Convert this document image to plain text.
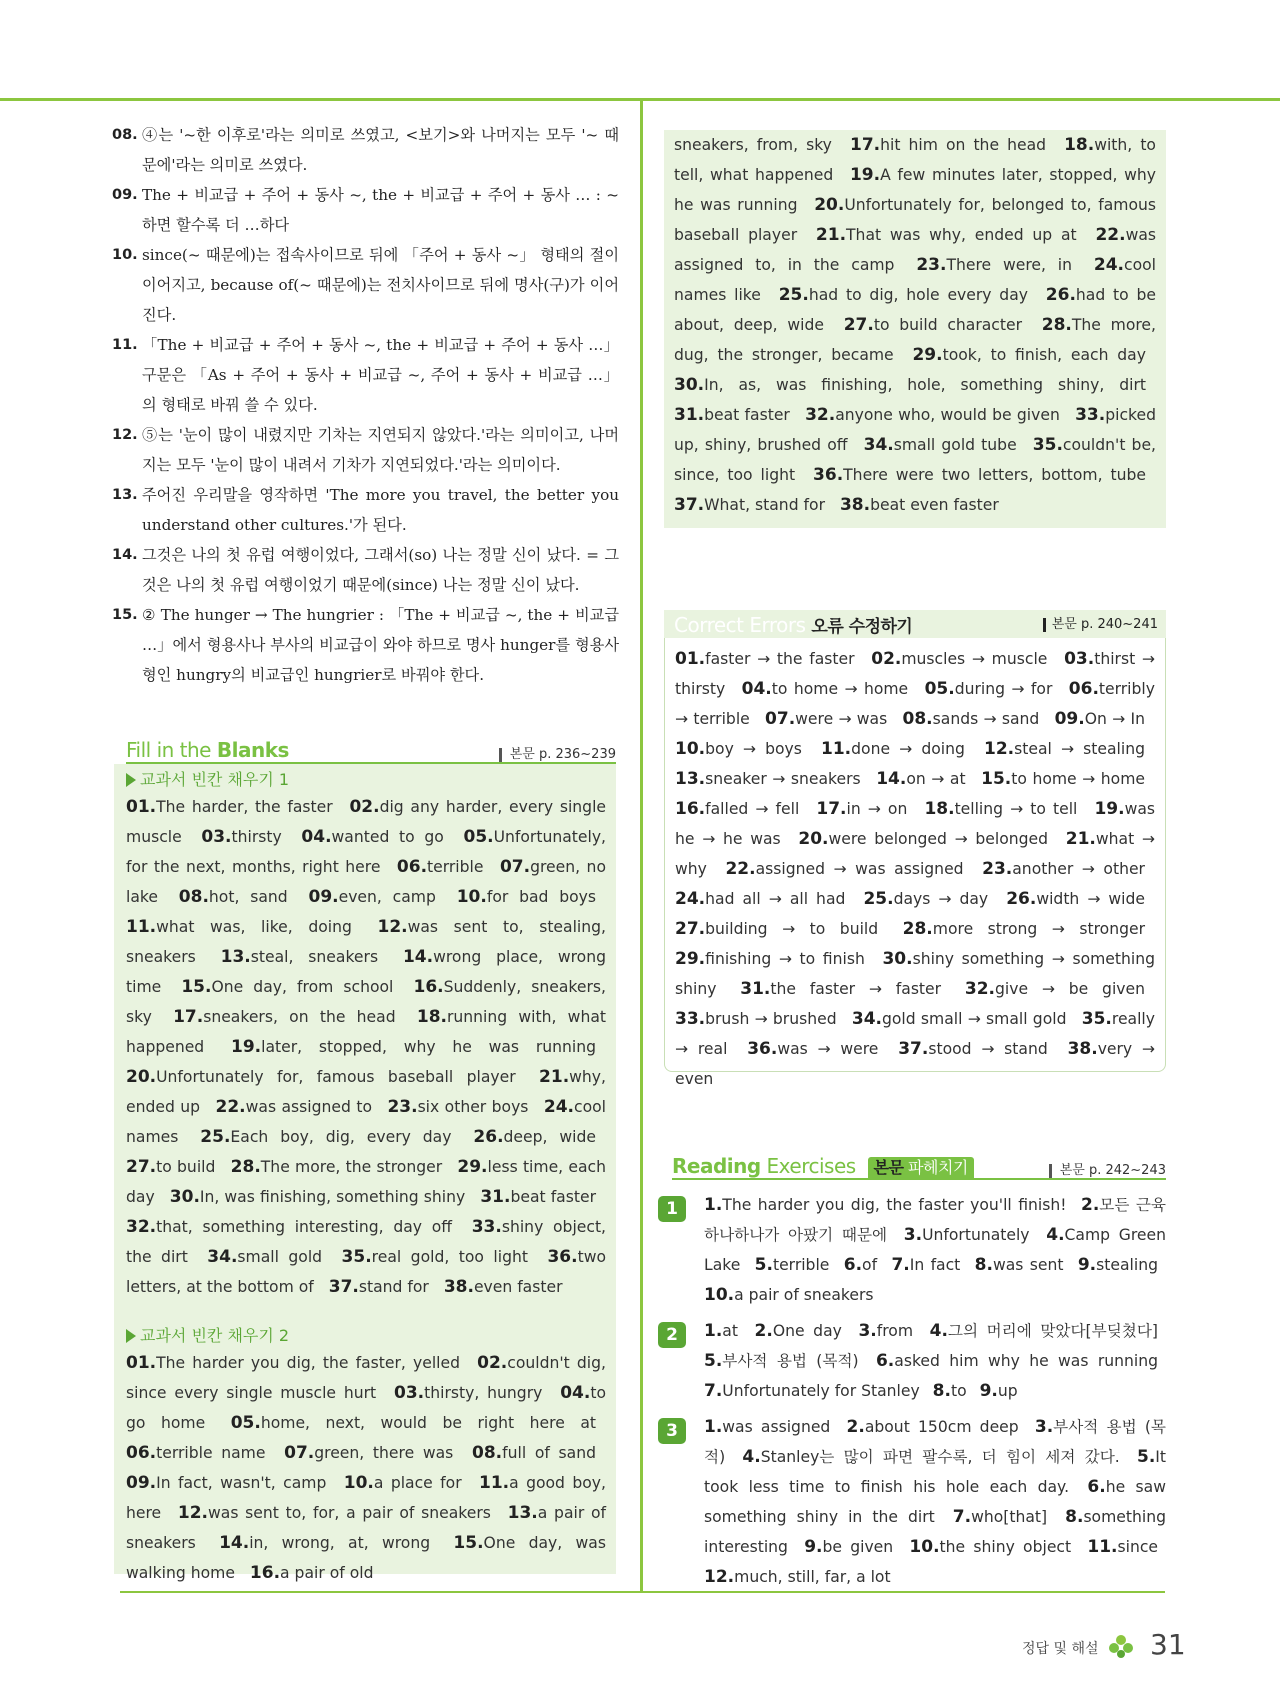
08. ④는 '~한 이후로'라는 의미로 쓰였고, <보기>와 나머지는 모두 '~ 때문에'라는 의미로 쓰였다.
09. The + 비교급 + 주어 + 동사 ~, the + 비교급 + 주어 + 동사 … : ~하면 할수록 더 …하다
10. since(~ 때문에)는 접속사이므로 뒤에 「주어 + 동사 ~」 형태의 절이 이어지고, because of(~ 때문에)는 전치사이므로 뒤에 명사(구)가 이어진다.
11. 「The + 비교급 + 주어 + 동사 ~, the + 비교급 + 주어 + 동사 …」 구문은 「As + 주어 + 동사 + 비교급 ~, 주어 + 동사 + 비교급 …」의 형태로 바꿔 쓸 수 있다.
12. ⑤는 '눈이 많이 내렸지만 기차는 지연되지 않았다.'라는 의미이고, 나머지는 모두 '눈이 많이 내려서 기차가 지연되었다.'라는 의미이다.
13. 주어진 우리말을 영작하면 'The more you travel, the better you understand other cultures.'가 된다.
14. 그것은 나의 첫 유럽 여행이었다, 그래서(so) 나는 정말 신이 났다. = 그것은 나의 첫 유럽 여행이었기 때문에(since) 나는 정말 신이 났다.
15. ② The hunger → The hungrier : 「The + 비교급 ~, the + 비교급 …」에서 형용사나 부사의 비교급이 와야 하므로 명사 hunger를 형용사형인 hungry의 비교급인 hungrier로 바꿔야 한다.
Fill in the Blanks	본문 p. 236~239
교과서 빈칸 채우기 1
01.The harder, the faster 02.dig any harder, every single muscle 03.thirsty 04.wanted to go 05.Unfortunately, for the next, months, right here 06.terrible 07.green, no lake 08.hot, sand 09.even, camp 10.for bad boys 11.what was, like, doing 12.was sent to, stealing, sneakers 13.steal, sneakers 14.wrong place, wrong time 15.One day, from school 16.Suddenly, sneakers, sky 17.sneakers, on the head 18.running with, what happened 19.later, stopped, why he was running 20.Unfortunately for, famous baseball player 21.why, ended up 22.was assigned to 23.six other boys 24.cool names 25.Each boy, dig, every day 26.deep, wide 27.to build 28.The more, the stronger 29.less time, each day 30.In, was finishing, something shiny 31.beat faster 32.that, something interesting, day off 33.shiny object, the dirt 34.small gold 35.real gold, too light 36.two letters, at the bottom of 37.stand for 38.even faster
교과서 빈칸 채우기 2
01.The harder you dig, the faster, yelled 02.couldn't dig, since every single muscle hurt 03.thirsty, hungry 04.to go home 05.home, next, would be right here at 06.terrible name 07.green, there was 08.full of sand 09.In fact, wasn't, camp 10.a place for 11.a good boy, here 12.was sent to, for, a pair of sneakers 13.a pair of sneakers 14.in, wrong, at, wrong 15.One day, was walking home 16.a pair of old
sneakers, from, sky 17.hit him on the head 18.with, to tell, what happened 19.A few minutes later, stopped, why he was running 20.Unfortunately for, belonged to, famous baseball player 21.That was why, ended up at 22.was assigned to, in the camp 23.There were, in 24.cool names like 25.had to dig, hole every day 26.had to be about, deep, wide 27.to build character 28.The more, dug, the stronger, became 29.took, to finish, each day 30.In, as, was finishing, hole, something shiny, dirt 31.beat faster 32.anyone who, would be given 33.picked up, shiny, brushed off 34.small gold tube 35.couldn't be, since, too light 36.There were two letters, bottom, tube 37.What, stand for 38.beat even faster
Correct Errors 오류 수정하기	본문 p. 240~241
01.faster → the faster 02.muscles → muscle 03.thirst → thirsty 04.to home → home 05.during → for 06.terribly → terrible 07.were → was 08.sands → sand 09.On → In 10.boy → boys 11.done → doing 12.steal → stealing 13.sneaker → sneakers 14.on → at 15.to home → home 16.falled → fell 17.in → on 18.telling → to tell 19.was he → he was 20.were belonged → belonged 21.what → why 22.assigned → was assigned 23.another → other 24.had all → all had 25.days → day 26.width → wide 27.building → to build 28.more strong → stronger 29.finishing → to finish 30.shiny something → something shiny 31.the faster → faster 32.give → be given 33.brush → brushed 34.gold small → small gold 35.really → real 36.was → were 37.stood → stand 38.very → even
Reading Exercises 본문 파헤치기	본문 p. 242~243
1	1.The harder you dig, the faster you'll finish! 2.모든 근육 하나하나가 아팠기 때문에 3.Unfortunately 4.Camp Green Lake 5.terrible 6.of 7.In fact 8.was sent 9.stealing 10.a pair of sneakers
2	1.at 2.One day 3.from 4.그의 머리에 맞았다[부딪쳤다] 5.부사적 용법 (목적) 6.asked him why he was running 7.Unfortunately for Stanley 8.to 9.up
3	1.was assigned 2.about 150cm deep 3.부사적 용법 (목적) 4.Stanley는 많이 파면 팔수록, 더 힘이 세져 갔다. 5.It took less time to finish his hole each day. 6.he saw something shiny in the dirt 7.who[that] 8.something interesting 9.be given 10.the shiny object 11.since 12.much, still, far, a lot
정답 및 해설 31
